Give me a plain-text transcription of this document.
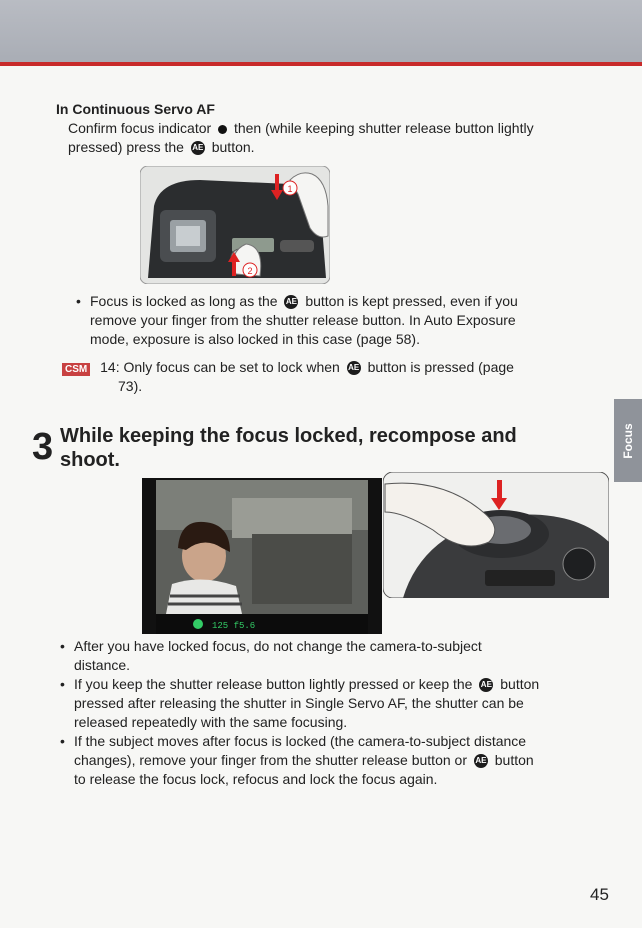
In Continuous Servo AF
Confirm focus indicator then (while keeping shutter release button lightly
pressed) press the AE button.
1
2
• Focus is locked as long as the AE button is kept pressed, even if you
remove your finger from the shutter release button. In Auto Exposure
mode, exposure is also locked in this case (page 58).
CSM 14: Only focus can be set to lock when AE button is pressed (page
73).
Focus
3 While keeping the focus locked, recompose and
shoot.
125 f5.6
• After you have locked focus, do not change the camera-to-subject
distance.
• If you keep the shutter release button lightly pressed or keep the AE button
pressed after releasing the shutter in Single Servo AF, the shutter can be
released repeatedly with the same focusing.
• If the subject moves after focus is locked (the camera-to-subject distance
changes), remove your finger from the shutter release button or AE button
to release the focus lock, refocus and lock the focus again.
45
